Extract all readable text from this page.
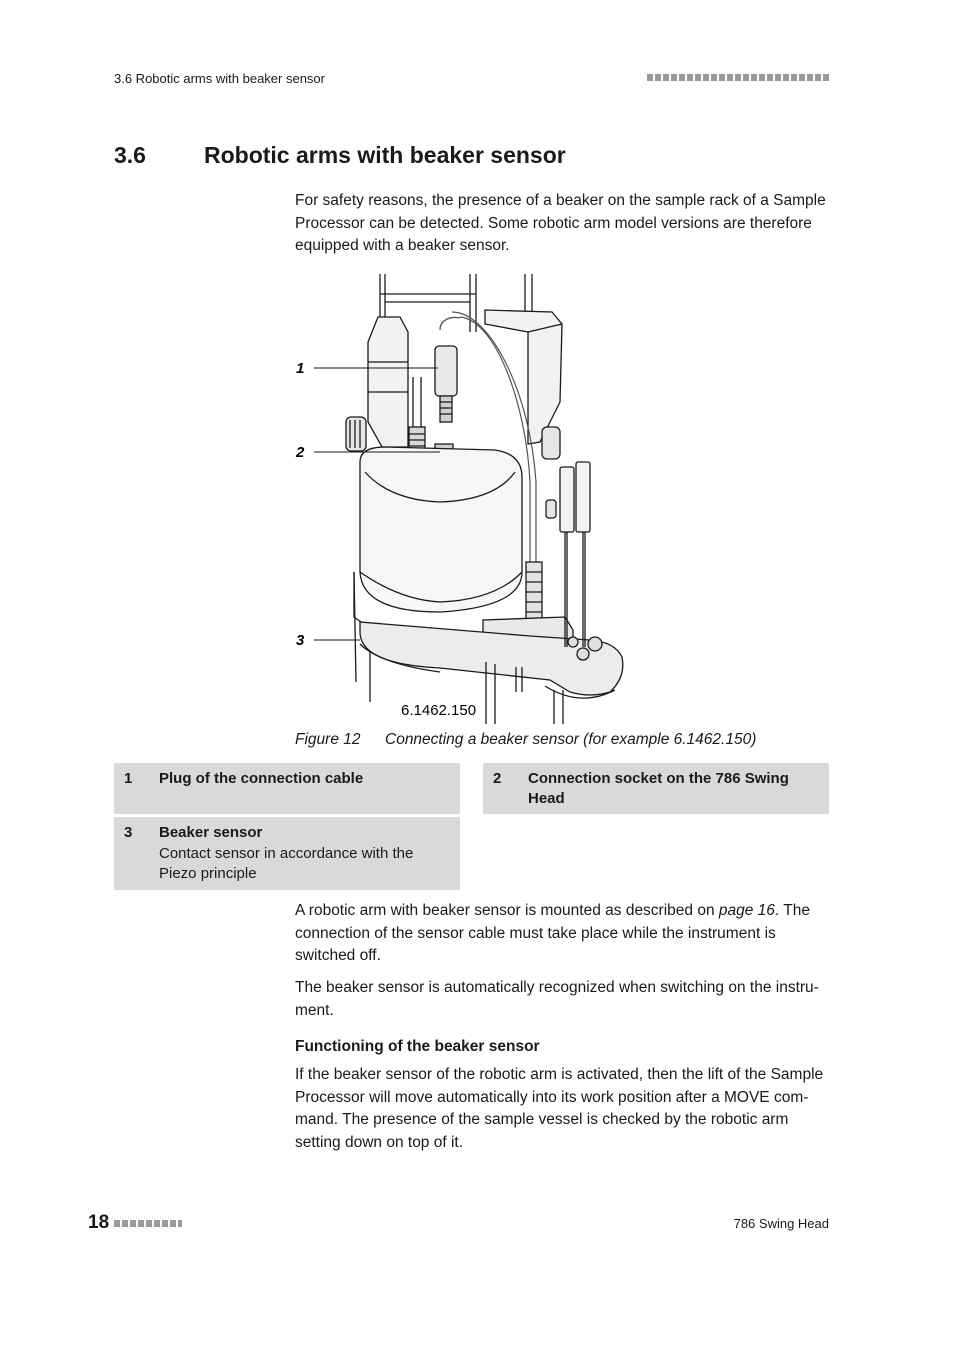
3.6 Robotic arms with beaker sensor
3.6	Robotic arms with beaker sensor

For safety reasons, the presence of a beaker on the sample rack of a Sample Processor can be detected. Some robotic arm model versions are therefore equipped with a beaker sensor.

1
2
3
6.1462.150
Figure 12 Connecting a beaker sensor (for example 6.1462.150)
1 Plug of the connection cable	2 Connection socket on the 786 Swing Head
3 Beaker sensor
Contact sensor in accordance with the Piezo principle

A robotic arm with beaker sensor is mounted as described on page 16. The connection of the sensor cable must take place while the instrument is switched off.

The beaker sensor is automatically recognized when switching on the instru-ment.

Functioning of the beaker sensor

If the beaker sensor of the robotic arm is activated, then the lift of the Sample Processor will move automatically into its work position after a MOVE com-mand. The presence of the sample vessel is checked by the robotic arm setting down on top of it.

18	786 Swing Head
